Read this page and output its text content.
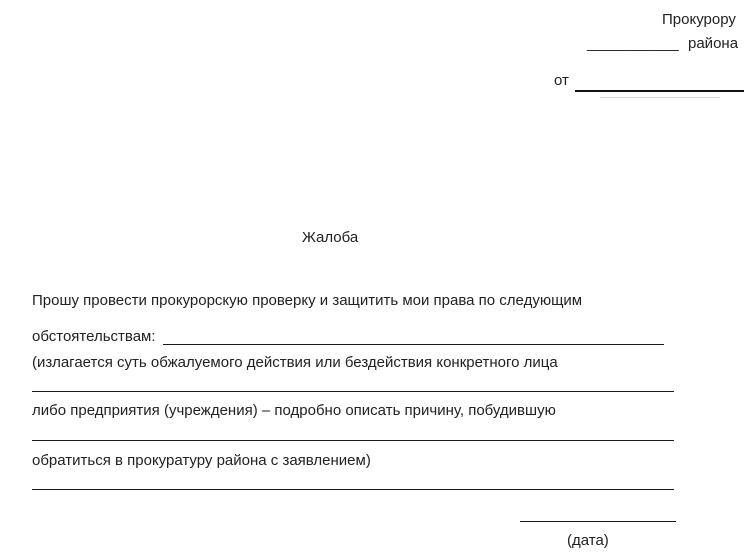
Прокурору
___________ района
от
Жалоба
Прошу провести прокурорскую проверку и защитить мои права по следующим
обстоятельствам:
(излагается суть обжалуемого действия или бездействия конкретного лица
либо предприятия (учреждения) – подробно описать причину, побудившую
обратиться в прокуратуру района с заявлением)
(дата)
